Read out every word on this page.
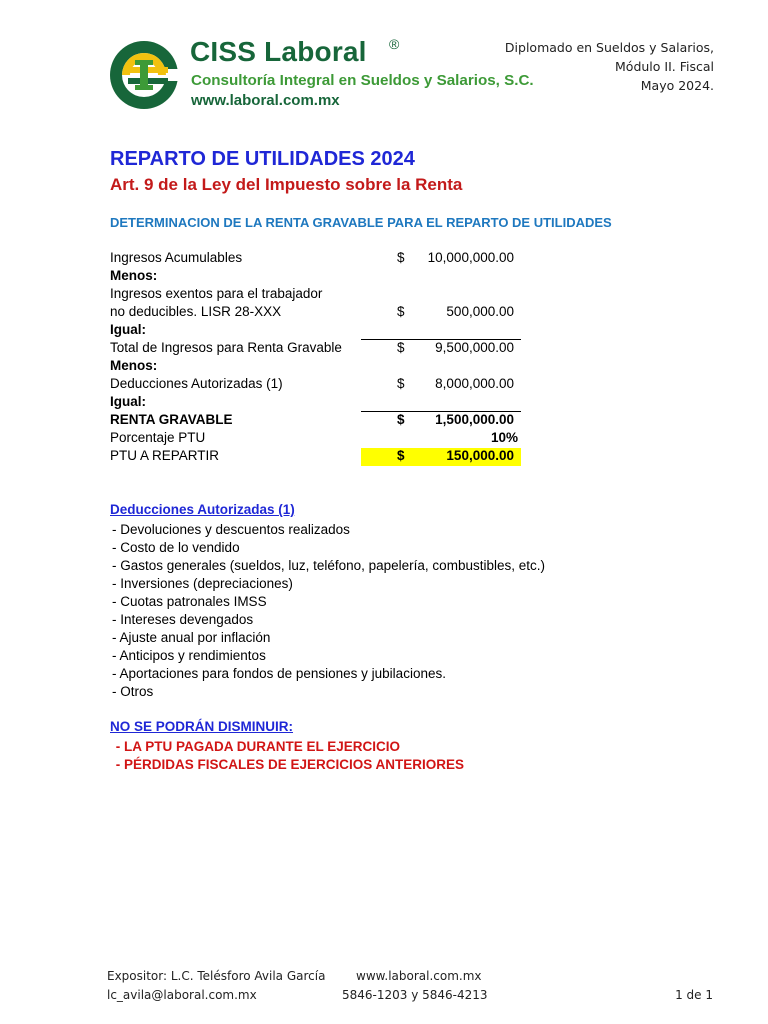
CISS Laboral ®
Consultoría Integral en Sueldos y Salarios, S.C.
www.laboral.com.mx
Diplomado en Sueldos y Salarios,
Módulo II. Fiscal
Mayo 2024.
REPARTO DE UTILIDADES 2024
Art. 9 de la Ley del Impuesto sobre la Renta
DETERMINACION DE LA RENTA GRAVABLE PARA EL REPARTO DE UTILIDADES
Ingresos Acumulables	$ 10,000,000.00
Menos:
Ingresos exentos para el trabajador
no deducibles. LISR 28-XXX	$	500,000.00
Igual:
Total de Ingresos para Renta Gravable	$ 9,500,000.00
Menos:
Deducciones Autorizadas (1)	$ 8,000,000.00
Igual:
RENTA GRAVABLE	$ 1,500,000.00
Porcentaje PTU	10%
PTU A REPARTIR	$	150,000.00
Deducciones Autorizadas (1)
- Devoluciones y descuentos realizados
- Costo de lo vendido
- Gastos generales (sueldos, luz, teléfono, papelería, combustibles, etc.)
- Inversiones (depreciaciones)
- Cuotas patronales IMSS
- Intereses devengados
- Ajuste anual por inflación
- Anticipos y rendimientos
- Aportaciones para fondos de pensiones y jubilaciones.
- Otros
NO SE PODRÁN DISMINUIR:
- LA PTU PAGADA DURANTE EL EJERCICIO
- PÉRDIDAS FISCALES DE EJERCICIOS ANTERIORES
Expositor: L.C. Telésforo Avila García
lc_avila@laboral.com.mx
www.laboral.com.mx
5846-1203 y 5846-4213	1 de 1
